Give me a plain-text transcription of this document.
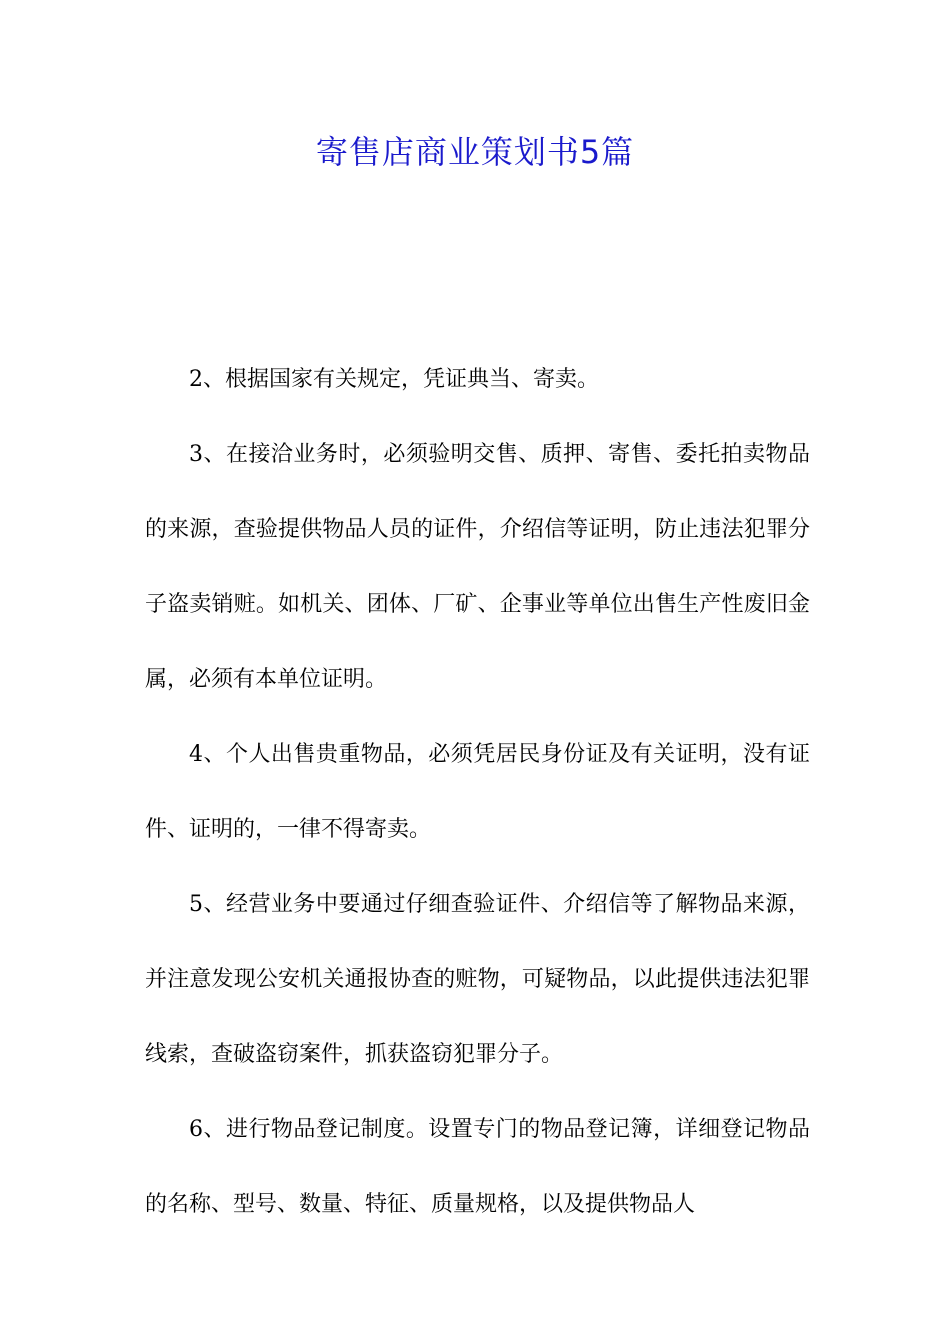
寄售店商业策划书5篇

2、根据国家有关规定，凭证典当、寄卖。

3、在接洽业务时，必须验明交售、质押、寄售、委托拍卖物品的来源，查验提供物品人员的证件，介绍信等证明，防止违法犯罪分子盗卖销赃。如机关、团体、厂矿、企事业等单位出售生产性废旧金属，必须有本单位证明。

4、个人出售贵重物品，必须凭居民身份证及有关证明，没有证件、证明的，一律不得寄卖。

5、经营业务中要通过仔细查验证件、介绍信等了解物品来源，并注意发现公安机关通报协查的赃物，可疑物品，以此提供违法犯罪线索，查破盗窃案件，抓获盗窃犯罪分子。

6、进行物品登记制度。设置专门的物品登记簿，详细登记物品的名称、型号、数量、特征、质量规格，以及提供物品人
